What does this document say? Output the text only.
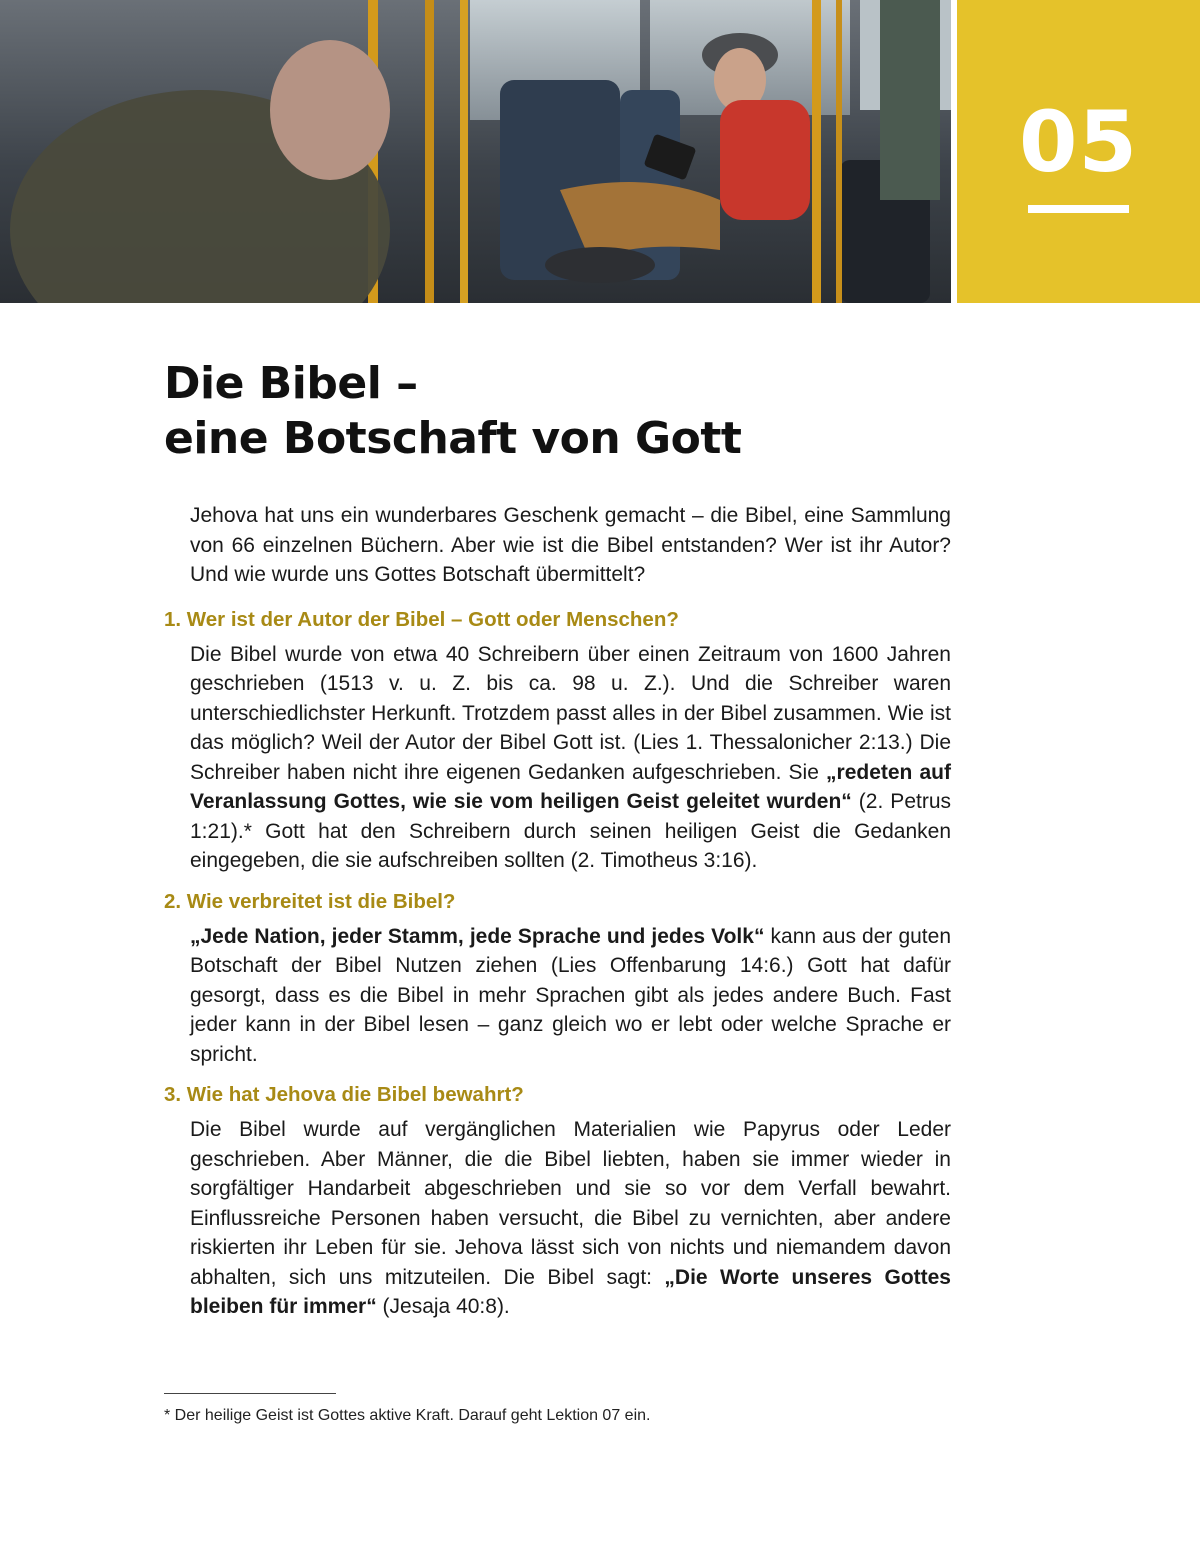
05
Die Bibel –
eine Botschaft von Gott

Jehova hat uns ein wunderbares Geschenk gemacht – die Bibel, eine Sammlung von 66 einzelnen Büchern. Aber wie ist die Bibel entstanden? Wer ist ihr Autor? Und wie wurde uns Gottes Botschaft übermittelt?

1. Wer ist der Autor der Bibel – Gott oder Menschen?

Die Bibel wurde von etwa 40 Schreibern über einen Zeitraum von 1600 Jahren geschrieben (1513 v. u. Z. bis ca. 98 u. Z.). Und die Schreiber waren unterschiedlichster Herkunft. Trotzdem passt alles in der Bibel zusammen. Wie ist das möglich? Weil der Autor der Bibel Gott ist. (Lies 1. Thessalonicher 2:13.) Die Schreiber haben nicht ihre eigenen Gedanken aufgeschrieben. Sie „redeten auf Veranlassung Gottes, wie sie vom heiligen Geist geleitet wurden“ (2. Petrus 1:21).* Gott hat den Schreibern durch seinen heiligen Geist die Gedanken eingegeben, die sie aufschreiben sollten (2. Timotheus 3:16).

2. Wie verbreitet ist die Bibel?

„Jede Nation, jeder Stamm, jede Sprache und jedes Volk“ kann aus der guten Botschaft der Bibel Nutzen ziehen (Lies Offenbarung 14:6.) Gott hat dafür gesorgt, dass es die Bibel in mehr Sprachen gibt als jedes andere Buch. Fast jeder kann in der Bibel lesen – ganz gleich wo er lebt oder welche Sprache er spricht.

3. Wie hat Jehova die Bibel bewahrt?

Die Bibel wurde auf vergänglichen Materialien wie Papyrus oder Leder geschrieben. Aber Männer, die die Bibel liebten, haben sie immer wieder in sorgfältiger Handarbeit abgeschrieben und sie so vor dem Verfall bewahrt. Einflussreiche Personen haben versucht, die Bibel zu vernichten, aber andere riskierten ihr Leben für sie. Jehova lässt sich von nichts und niemandem davon abhalten, sich uns mitzuteilen. Die Bibel sagt: „Die Worte unseres Gottes bleiben für immer“ (Jesaja 40:8).

* Der heilige Geist ist Gottes aktive Kraft. Darauf geht Lektion 07 ein.
